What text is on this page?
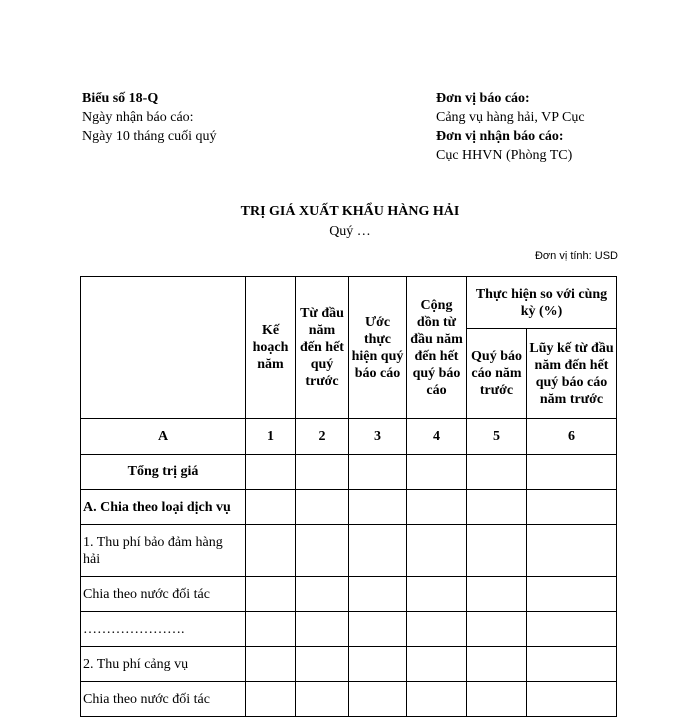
Biểu số 18-Q
Ngày nhận báo cáo:
Ngày 10 tháng cuối quý
Đơn vị báo cáo:
Cảng vụ hàng hải, VP Cục
Đơn vị nhận báo cáo:
Cục HHVN (Phòng TC)
TRỊ GIÁ XUẤT KHẨU HÀNG HẢI
Quý …
Đơn vị tính: USD
	Kế hoạch năm	Từ đầu năm đến hết quý trước	Ước thực hiện quý báo cáo	Cộng dồn từ đầu năm đến hết quý báo cáo	Thực hiện so với cùng kỳ (%)	
					Quý báo cáo năm trước	Lũy kế từ đầu năm đến hết quý báo cáo năm trước
A	1	2	3	4	5	6
Tổng trị giá						
A. Chia theo loại dịch vụ						
1. Thu phí bảo đảm hàng hải						
Chia theo nước đối tác						
………………….						
2. Thu phí cảng vụ						
Chia theo nước đối tác						
